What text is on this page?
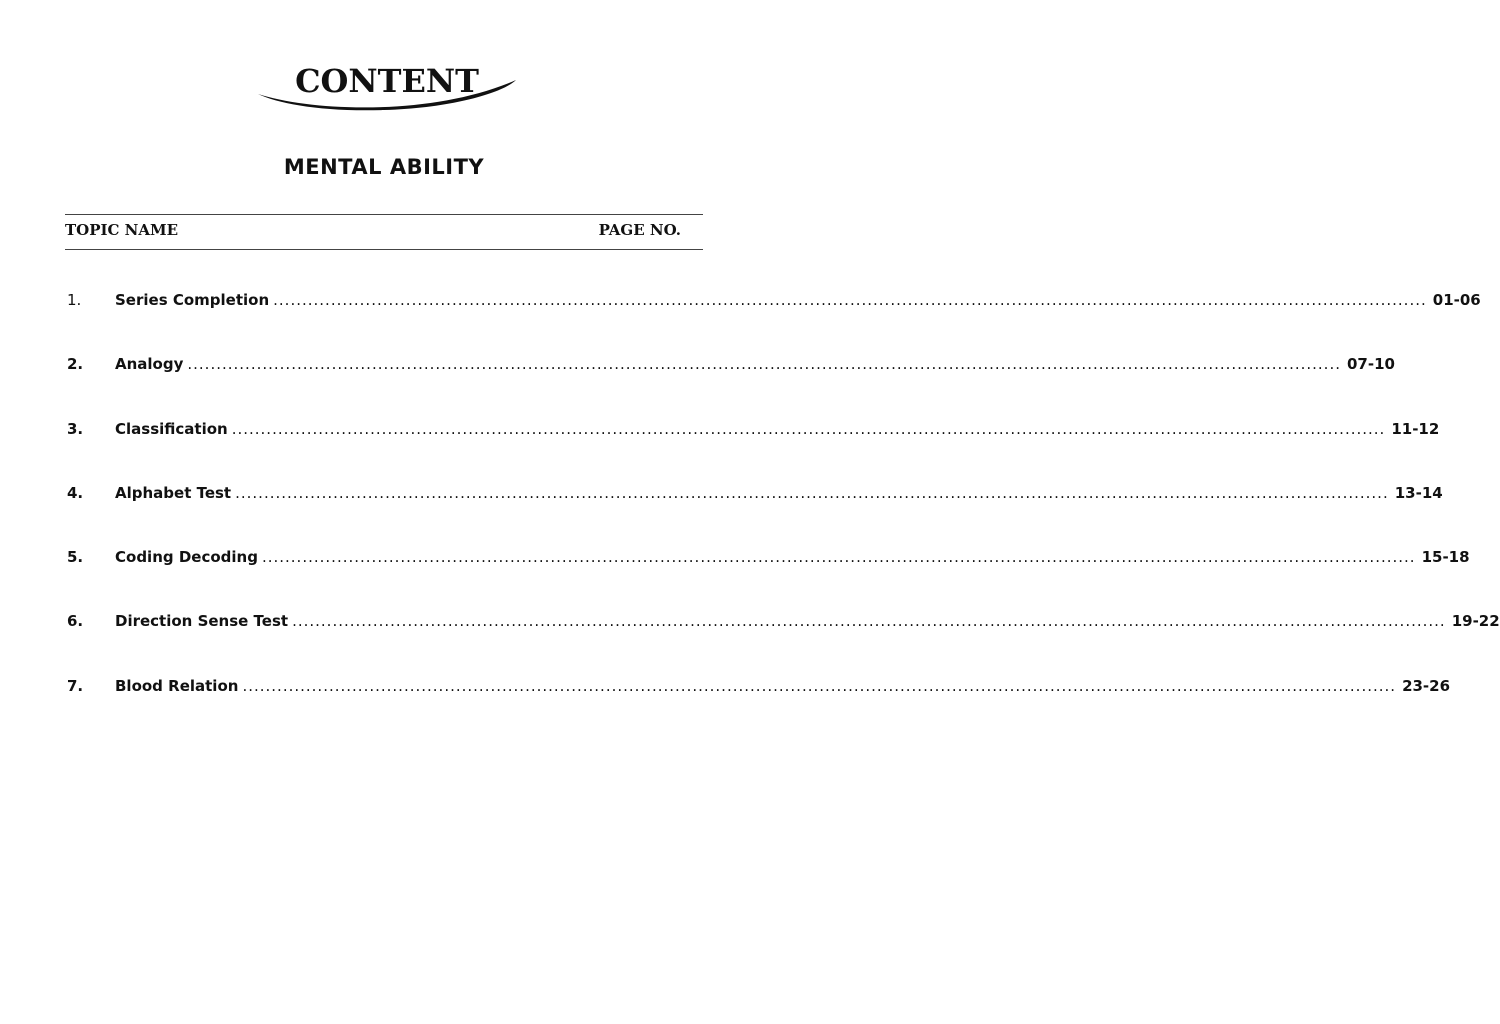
CONTENT
MENTAL ABILITY
TOPIC NAME	PAGE NO.
1.	Series Completion ........................................................................................................................................................................................................ 01-06
2.	Analogy ........................................................................................................................................................................................................ 07-10
3.	Classification ........................................................................................................................................................................................................ 11-12
4.	Alphabet Test ........................................................................................................................................................................................................ 13-14
5.	Coding Decoding ........................................................................................................................................................................................................ 15-18
6.	Direction Sense Test ........................................................................................................................................................................................................ 19-22
7.	Blood Relation ........................................................................................................................................................................................................ 23-26
